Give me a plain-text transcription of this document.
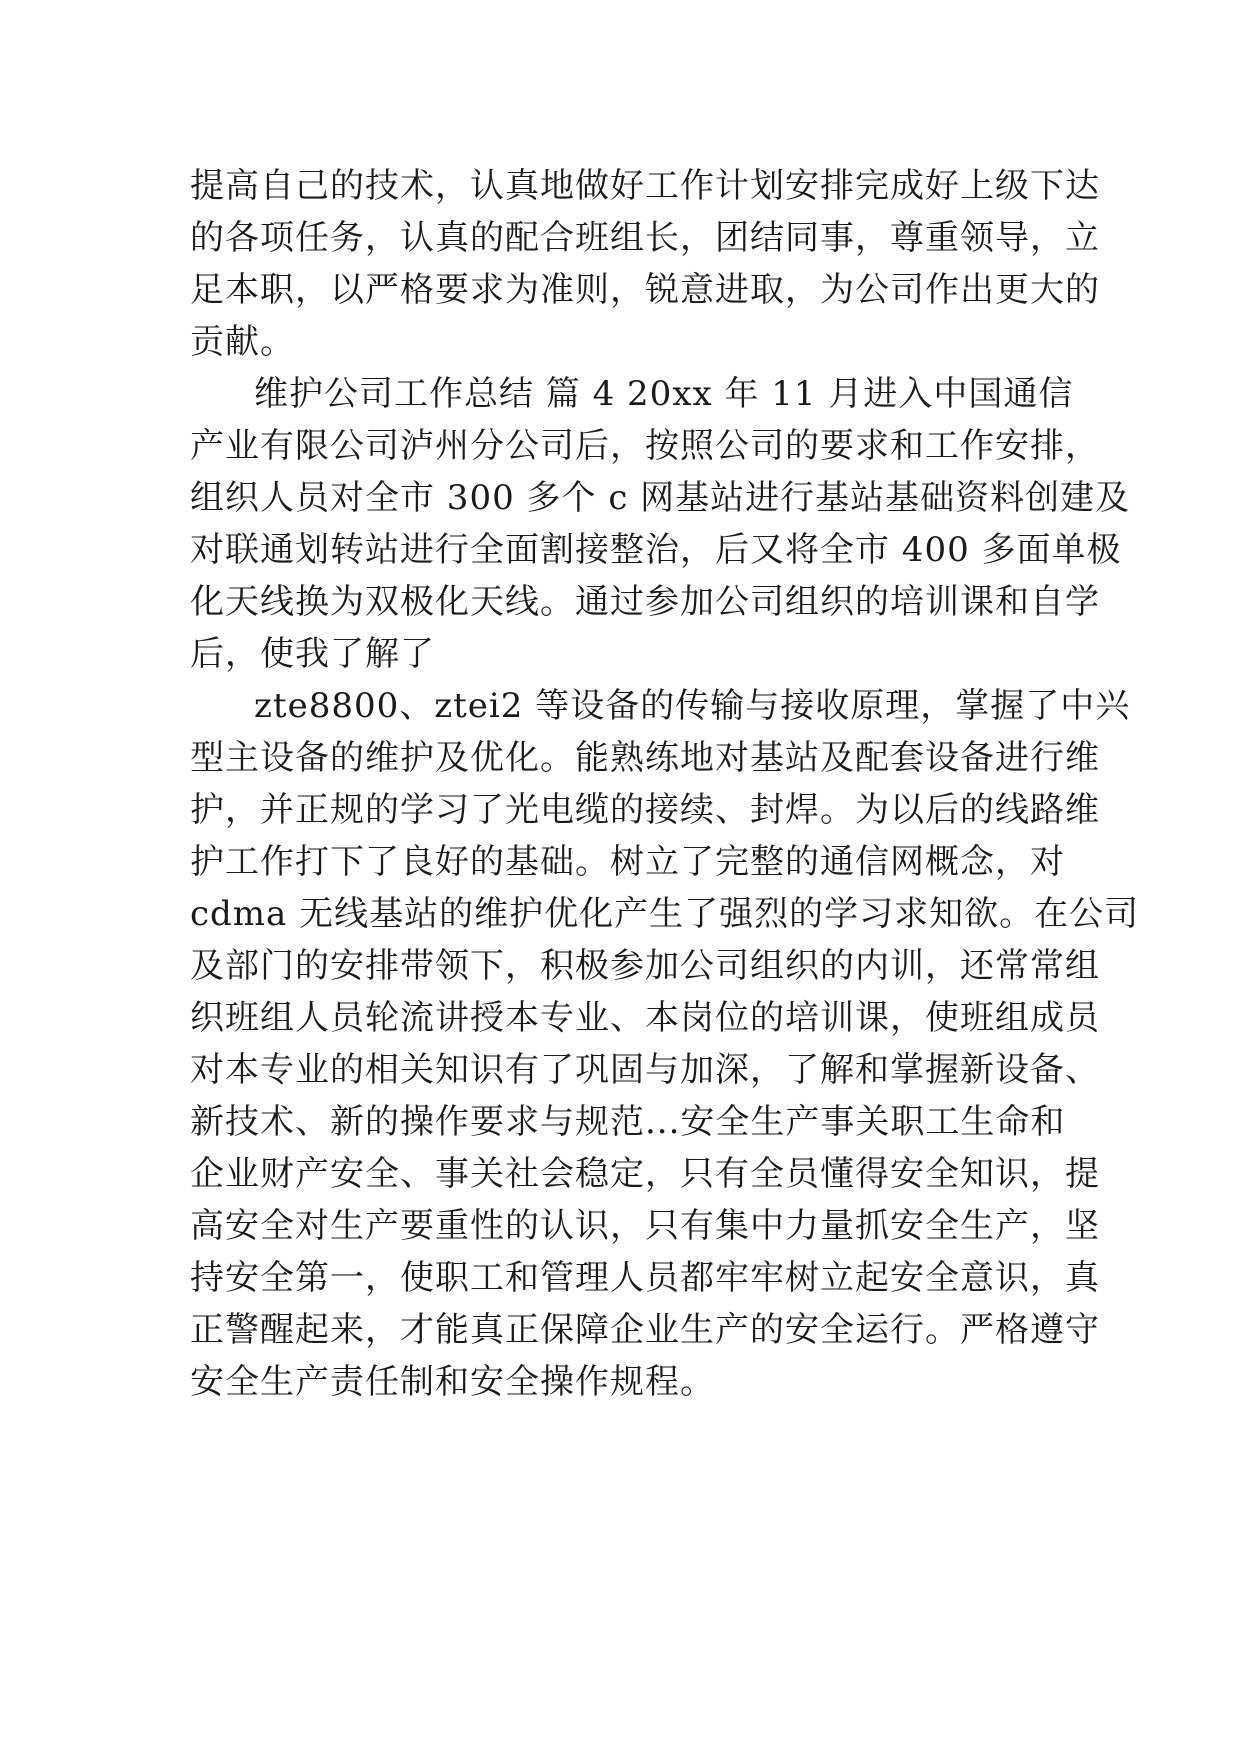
提高自己的技术，认真地做好工作计划安排完成好上级下达
的各项任务，认真的配合班组长，团结同事，尊重领导，立
足本职，以严格要求为准则，锐意进取，为公司作出更大的
贡献。
维护公司工作总结 篇 4 20xx 年 11 月进入中国通信
产业有限公司泸州分公司后，按照公司的要求和工作安排，
组织人员对全市 300 多个 c 网基站进行基站基础资料创建及
对联通划转站进行全面割接整治，后又将全市 400 多面单极
化天线换为双极化天线。通过参加公司组织的培训课和自学
后，使我了解了
zte8800、ztei2 等设备的传输与接收原理，掌握了中兴
型主设备的维护及优化。能熟练地对基站及配套设备进行维
护，并正规的学习了光电缆的接续、封焊。为以后的线路维
护工作打下了良好的基础。树立了完整的通信网概念，对
cdma 无线基站的维护优化产生了强烈的学习求知欲。在公司
及部门的安排带领下，积极参加公司组织的内训，还常常组
织班组人员轮流讲授本专业、本岗位的培训课，使班组成员
对本专业的相关知识有了巩固与加深，了解和掌握新设备、
新技术、新的操作要求与规范...安全生产事关职工生命和
企业财产安全、事关社会稳定，只有全员懂得安全知识，提
高安全对生产要重性的认识，只有集中力量抓安全生产，坚
持安全第一，使职工和管理人员都牢牢树立起安全意识，真
正警醒起来，才能真正保障企业生产的安全运行。严格遵守
安全生产责任制和安全操作规程。
